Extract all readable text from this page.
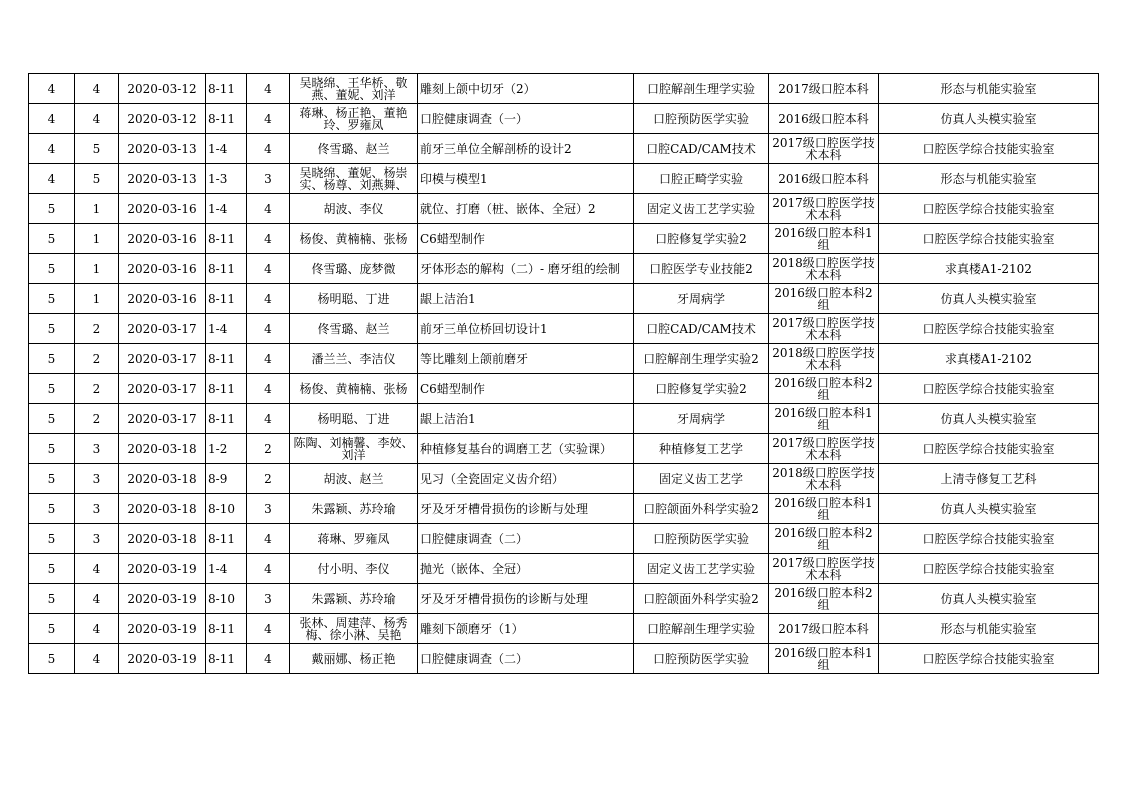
4	4	2020-03-12	8-11	4	吴晓绵、王华桥、敬燕、董妮、刘洋	雕刻上颌中切牙（2）	口腔解剖生理学实验	2017级口腔本科	形态与机能实验室
4	4	2020-03-12	8-11	4	蒋琳、杨正艳、董艳玲、罗雍凤	口腔健康调查（一）	口腔预防医学实验	2016级口腔本科	仿真人头模实验室
4	5	2020-03-13	1-4	4	佟雪璐、赵兰	前牙三单位全解剖桥的设计2	口腔CAD/CAM技术	2017级口腔医学技术本科	口腔医学综合技能实验室
4	5	2020-03-13	1-3	3	吴晓绵、董妮、杨崇实、杨尊、刘燕舞、	印模与模型1	口腔正畸学实验	2016级口腔本科	形态与机能实验室
5	1	2020-03-16	1-4	4	胡波、李仪	就位、打磨（桩、嵌体、全冠）2	固定义齿工艺学实验	2017级口腔医学技术本科	口腔医学综合技能实验室
5	1	2020-03-16	8-11	4	杨俊、黄楠楠、张杨	C6蜡型制作	口腔修复学实验2	2016级口腔本科1组	口腔医学综合技能实验室
5	1	2020-03-16	8-11	4	佟雪璐、庞梦微	牙体形态的解构（二）- 磨牙组的绘制	口腔医学专业技能2	2018级口腔医学技术本科	求真楼A1-2102
5	1	2020-03-16	8-11	4	杨明聪、丁进	龈上洁治1	牙周病学	2016级口腔本科2组	仿真人头模实验室
5	2	2020-03-17	1-4	4	佟雪璐、赵兰	前牙三单位桥回切设计1	口腔CAD/CAM技术	2017级口腔医学技术本科	口腔医学综合技能实验室
5	2	2020-03-17	8-11	4	潘兰兰、李洁仪	等比雕刻上颌前磨牙	口腔解剖生理学实验2	2018级口腔医学技术本科	求真楼A1-2102
5	2	2020-03-17	8-11	4	杨俊、黄楠楠、张杨	C6蜡型制作	口腔修复学实验2	2016级口腔本科2组	口腔医学综合技能实验室
5	2	2020-03-17	8-11	4	杨明聪、丁进	龈上洁治1	牙周病学	2016级口腔本科1组	仿真人头模实验室
5	3	2020-03-18	1-2	2	陈陶、刘楠馨、李姣、刘洋	种植修复基台的调磨工艺（实验课）	种植修复工艺学	2017级口腔医学技术本科	口腔医学综合技能实验室
5	3	2020-03-18	8-9	2	胡波、赵兰	见习（全瓷固定义齿介绍）	固定义齿工艺学	2018级口腔医学技术本科	上清寺修复工艺科
5	3	2020-03-18	8-10	3	朱露颖、苏玲瑜	牙及牙牙槽骨损伤的诊断与处理	口腔颌面外科学实验2	2016级口腔本科1组	仿真人头模实验室
5	3	2020-03-18	8-11	4	蒋琳、罗雍凤	口腔健康调查（二）	口腔预防医学实验	2016级口腔本科2组	口腔医学综合技能实验室
5	4	2020-03-19	1-4	4	付小明、李仪	抛光（嵌体、全冠）	固定义齿工艺学实验	2017级口腔医学技术本科	口腔医学综合技能实验室
5	4	2020-03-19	8-10	3	朱露颖、苏玲瑜	牙及牙牙槽骨损伤的诊断与处理	口腔颌面外科学实验2	2016级口腔本科2组	仿真人头模实验室
5	4	2020-03-19	8-11	4	张林、周建萍、杨秀梅、徐小淋、吴艳	雕刻下颌磨牙（1）	口腔解剖生理学实验	2017级口腔本科	形态与机能实验室
5	4	2020-03-19	8-11	4	戴丽娜、杨正艳	口腔健康调查（二）	口腔预防医学实验	2016级口腔本科1组	口腔医学综合技能实验室
